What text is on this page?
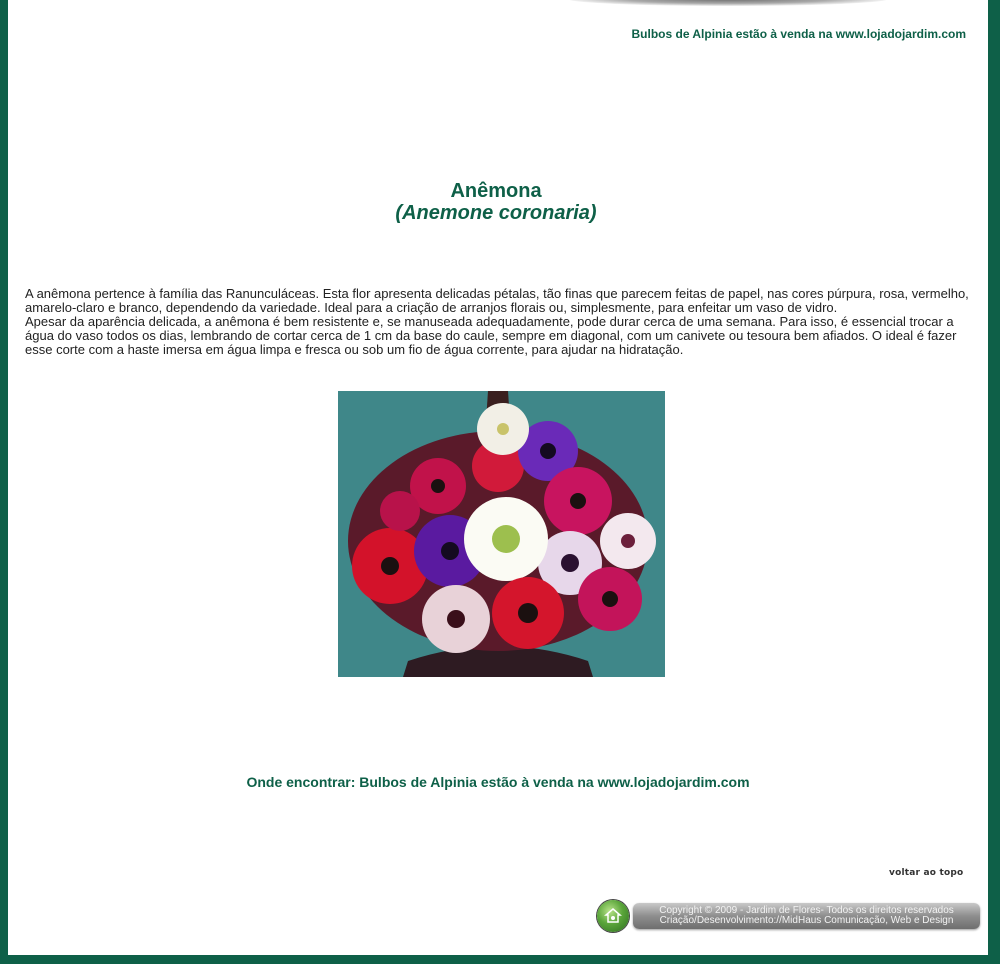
Bulbos de Alpinia estão à venda na www.lojadojardim.com
Anêmona
(Anemone coronaria)

A anêmona pertence à família das Ranunculáceas. Esta flor apresenta delicadas pétalas, tão finas que parecem feitas de papel, nas cores púrpura, rosa, vermelho, amarelo-claro e branco, dependendo da variedade. Ideal para a criação de arranjos florais ou, simplesmente, para enfeitar um vaso de vidro.

Apesar da aparência delicada, a anêmona é bem resistente e, se manuseada adequadamente, pode durar cerca de uma semana. Para isso, é essencial trocar a água do vaso todos os dias, lembrando de cortar cerca de 1 cm da base do caule, sempre em diagonal, com um canivete ou tesoura bem afiados. O ideal é fazer esse corte com a haste imersa em água limpa e fresca ou sob um fio de água corrente, para ajudar na hidratação.

Onde encontrar: Bulbos de Alpinia estão à venda na www.lojadojardim.com
voltar ao topo
Copyright © 2009 - Jardim de Flores- Todos os direitos reservados
Criação/Desenvolvimento://MidHaus Comunicação, Web e Design
